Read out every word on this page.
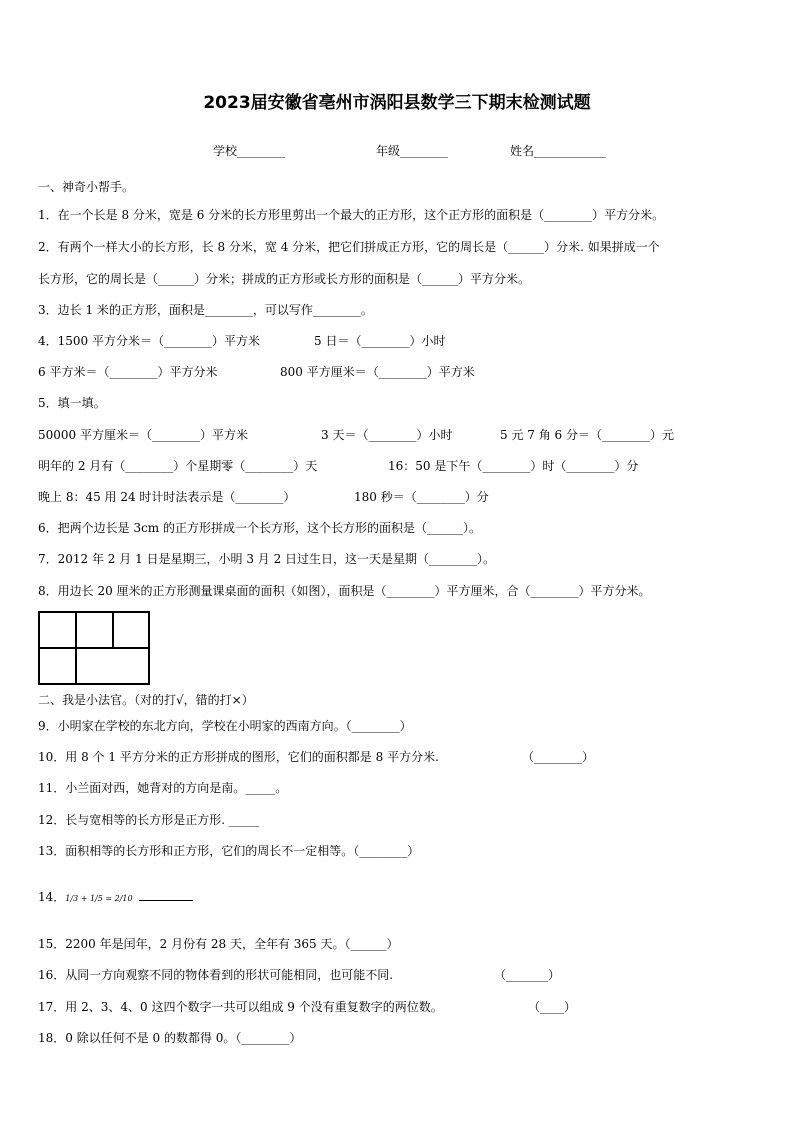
2023届安徽省亳州市涡阳县数学三下期末检测试题
学校________	年级________	姓名____________
一、神奇小帮手。
1．在一个长是 8 分米，宽是 6 分米的长方形里剪出一个最大的正方形，这个正方形的面积是（________）平方分米。
2．有两个一样大小的长方形，长 8 分米，宽 4 分米，把它们拼成正方形，它的周长是（______）分米. 如果拼成一个
长方形，它的周长是（______）分米；拼成的正方形或长方形的面积是（______）平方分米。
3．边长 1 米的正方形，面积是________，可以写作________。
4．1500 平方分米＝（________）平方米	5 日＝（________）小时
6 平方米＝（________）平方分米	800 平方厘米＝（________）平方米
5．填一填。
50000 平方厘米＝（________）平方米	3 天＝（________）小时	5 元 7 角 6 分＝（________）元
明年的 2 月有（________）个星期零（________）天	16：50 是下午（________）时（________）分
晚上 8：45 用 24 时计时法表示是（________）	180 秒＝（________）分
6．把两个边长是 3cm 的正方形拼成一个长方形，这个长方形的面积是（______）。
7．2012 年 2 月 1 日是星期三，小明 3 月 2 日过生日，这一天是星期（________）。
8．用边长 20 厘米的正方形测量课桌面的面积（如图），面积是（________）平方厘米，合（________）平方分米。
二、我是小法官。（对的打√，错的打×）
9．小明家在学校的东北方向，学校在小明家的西南方向。（________）
10．用 8 个 1 平方分米的正方形拼成的图形，它们的面积都是 8 平方分米.	（________）
11．小兰面对西，她背对的方向是南。_____。
12．长与宽相等的长方形是正方形. _____
13．面积相等的长方形和正方形，它们的周长不一定相等。（________）
14．1/3 + 1/5 = 2/10
15．2200 年是闰年，2 月份有 28 天，全年有 365 天。（______）
16．从同一方向观察不同的物体看到的形状可能相同，也可能不同.	（_______）
17．用 2、3、4、0 这四个数字一共可以组成 9 个没有重复数字的两位数。	（____）
18．0 除以任何不是 0 的数都得 0。（________）
